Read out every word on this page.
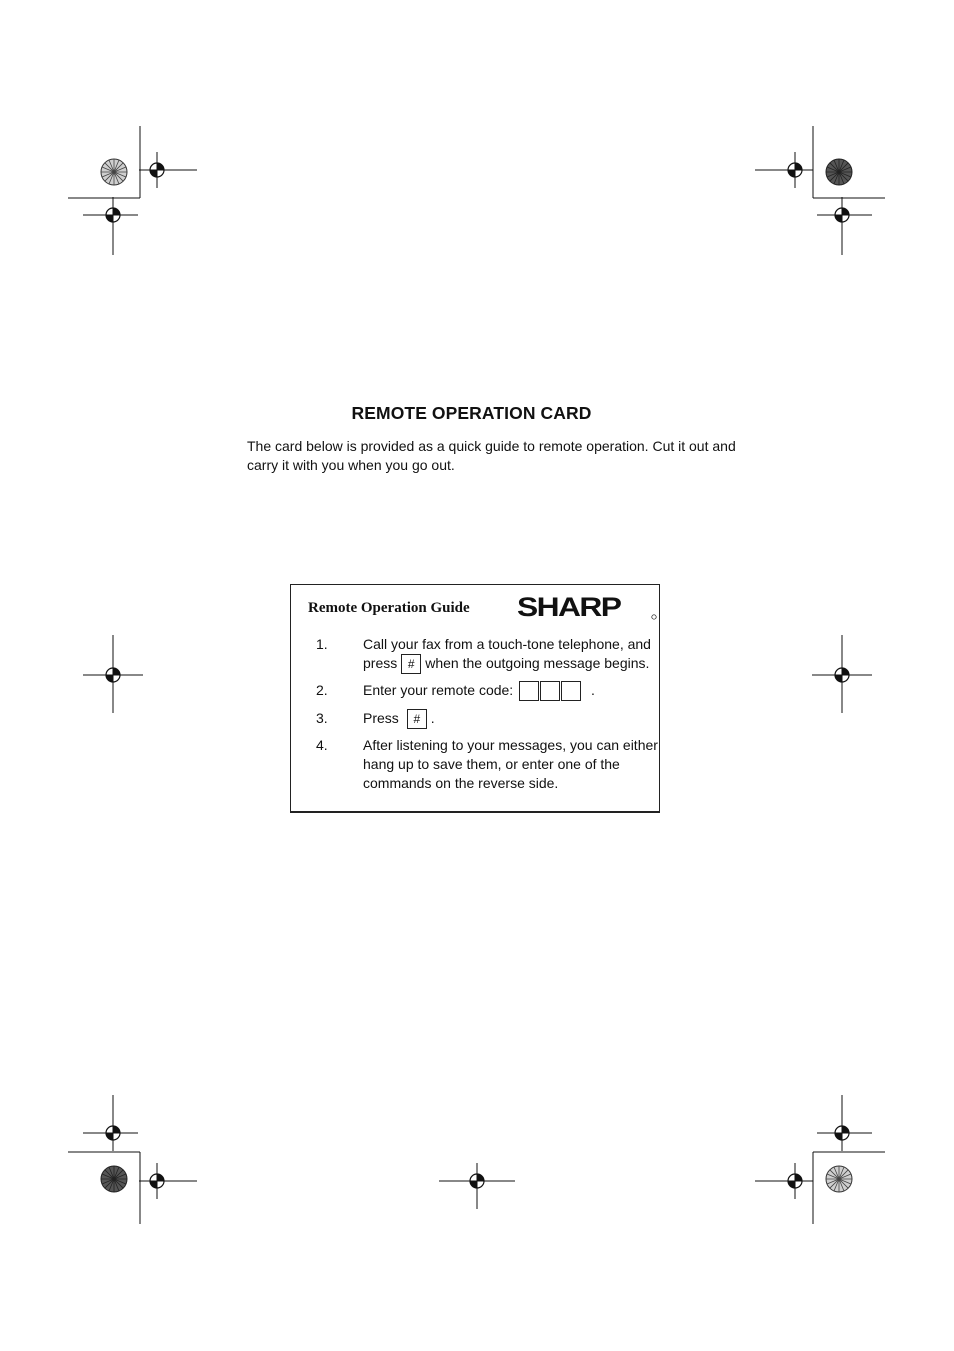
REMOTE OPERATION CARD
The card below is provided as a quick guide to remote operation. Cut it out and carry it with you when you go out.
Remote Operation Guide SHARP
1.	Call your fax from a touch-tone telephone, and
press # when the outgoing message begins.
2.	Enter your remote code:	.
3.	Press # .
4.	After listening to your messages, you can either hang up to save them, or enter one of the commands on the reverse side.
